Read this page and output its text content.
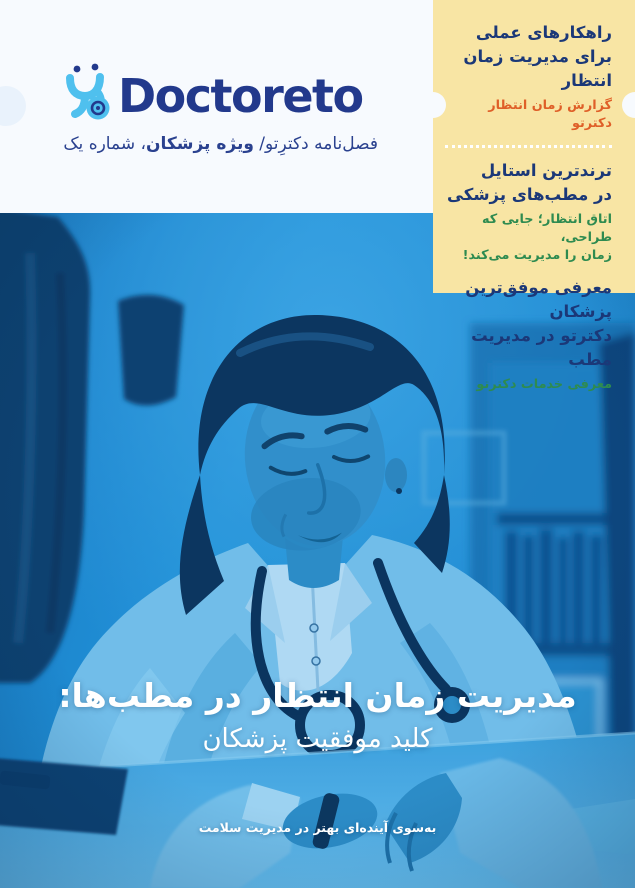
Doctoreto
فصل‌نامه دکترِتو/ ویژه پزشکان، شماره یک
راهکارهای عملی
برای مدیریت زمان انتظار
گزارش زمان انتظار دکترتو
ترندترین استایل
در مطب‌های پزشکی
اتاق انتظار؛ جایی که طراحی،
زمان را مدیریت می‌کند!
معرفی موفق‌ترین پزشکان
دکترتو در مدیریت مطب
معرفی خدمات دکترتو
مدیریت زمان انتظار در مطب‌ها:
کلید موفقیت پزشکان
به‌سوی آینده‌ای بهتر در مدیریت سلامت
